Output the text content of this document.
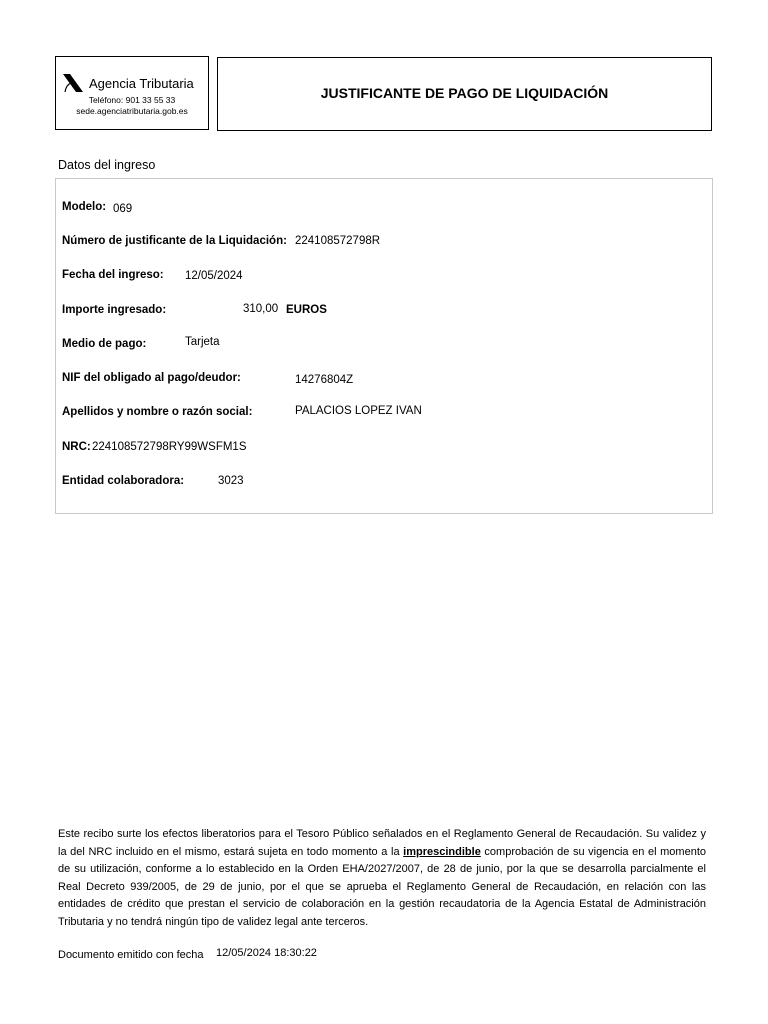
Agencia Tributaria
Teléfono: 901 33 55 33
sede.agenciatributaria.gob.es
JUSTIFICANTE DE PAGO DE LIQUIDACIÓN
Datos del ingreso
Modelo: 069
Número de justificante de la Liquidación: 224108572798R
Fecha del ingreso: 12/05/2024
Importe ingresado:	310,00 EUROS
Medio de pago:	Tarjeta
NIF del obligado al pago/deudor:	14276804Z
Apellidos y nombre o razón social:	PALACIOS LOPEZ IVAN
NRC: 224108572798RY99WSFM1S
Entidad colaboradora:	3023
Este recibo surte los efectos liberatorios para el Tesoro Público señalados en el Reglamento General de Recaudación. Su validez y la del NRC incluido en el mismo, estará sujeta en todo momento a la imprescindible comprobación de su vigencia en el momento de su utilización, conforme a lo establecido en la Orden EHA/2027/2007, de 28 de junio, por la que se desarrolla parcialmente el Real Decreto 939/2005, de 29 de junio, por el que se aprueba el Reglamento General de Recaudación, en relación con las entidades de crédito que prestan el servicio de colaboración en la gestión recaudatoria de la Agencia Estatal de Administración Tributaria y no tendrá ningún tipo de validez legal ante terceros.
Documento emitido con fecha 12/05/2024 18:30:22
